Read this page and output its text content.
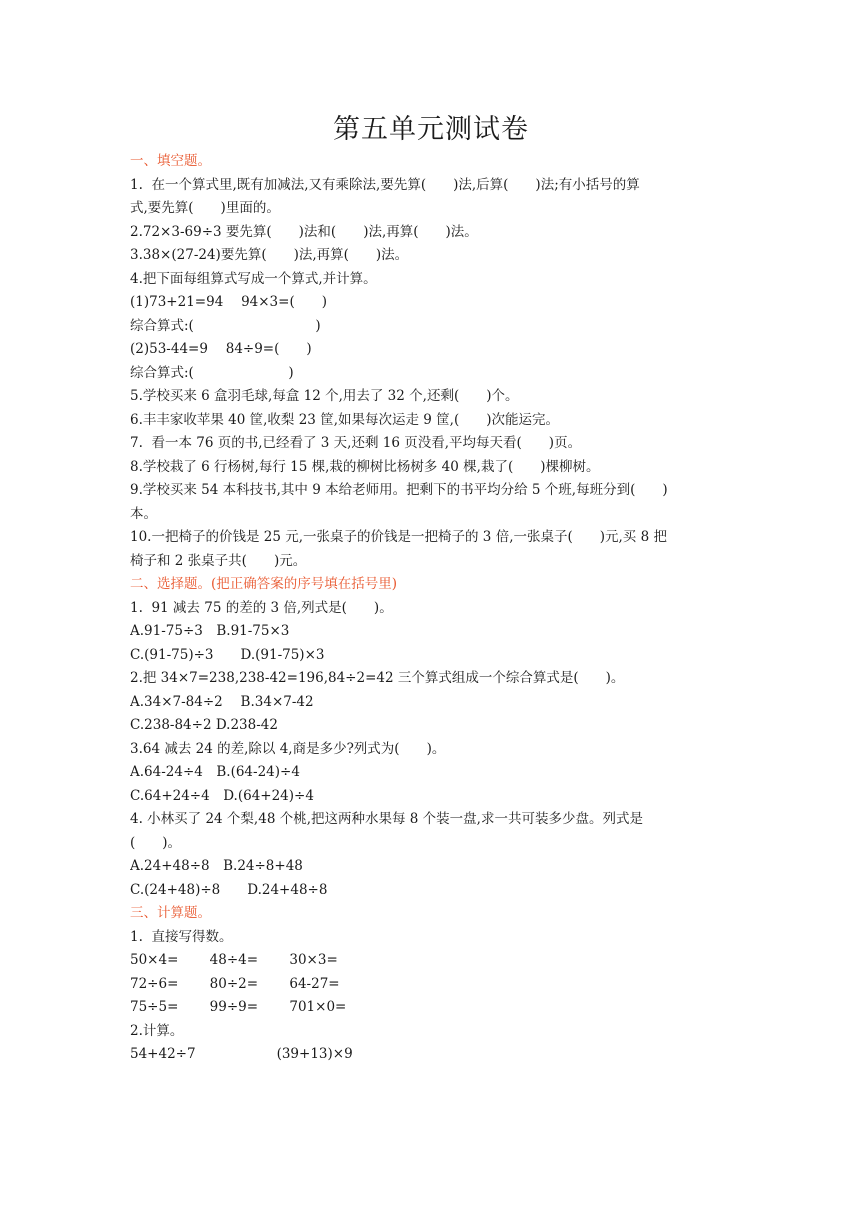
第五单元测试卷
一、填空题。
1.  在一个算式里,既有加减法,又有乘除法,要先算(　　)法,后算(　　)法;有小括号的算
式,要先算(　　)里面的。
2.72×3-69÷3 要先算(　　)法和(　　)法,再算(　　)法。
3.38×(27-24)要先算(　　)法,再算(　　)法。
4.把下面每组算式写成一个算式,并计算。
(1)73+21=94　 94×3=(　　)
综合算式:(　　　　　　　　　)
(2)53-44=9　 84÷9=(　　)
综合算式:(　　　　　　　)
5.学校买来 6 盒羽毛球,每盒 12 个,用去了 32 个,还剩(　　)个。
6.丰丰家收苹果 40 筐,收梨 23 筐,如果每次运走 9 筐,(　　)次能运完。
7.  看一本 76 页的书,已经看了 3 天,还剩 16 页没看,平均每天看(　　)页。
8.学校栽了 6 行杨树,每行 15 棵,栽的柳树比杨树多 40 棵,栽了(　　)棵柳树。
9.学校买来 54 本科技书,其中 9 本给老师用。把剩下的书平均分给 5 个班,每班分到(　　)
本。
10.一把椅子的价钱是 25 元,一张桌子的价钱是一把椅子的 3 倍,一张桌子(　　)元,买 8 把
椅子和 2 张桌子共(　　)元。
二、选择题。(把正确答案的序号填在括号里)
1.  91 减去 75 的差的 3 倍,列式是(　　)。
A.91-75÷3　B.91-75×3
C.(91-75)÷3　　D.(91-75)×3
2.把 34×7=238,238-42=196,84÷2=42 三个算式组成一个综合算式是(　　)。
A.34×7-84÷2　 B.34×7-42
C.238-84÷2 D.238-42
3.64 减去 24 的差,除以 4,商是多少?列式为(　　)。
A.64-24÷4　B.(64-24)÷4
C.64+24÷4　D.(64+24)÷4
4. 小林买了 24 个梨,48 个桃,把这两种水果每 8 个装一盘,求一共可装多少盘。列式是
(　　)。
A.24+48÷8　B.24÷8+48
C.(24+48)÷8　　D.24+48÷8
三、计算题。
1.  直接写得数。
50×4=　　 48÷4=　　 30×3=
72÷6=　　 80÷2=　　 64-27=
75÷5=　　 99÷9=　　 701×0=
2.计算。
54+42÷7　　　　　　(39+13)×9
